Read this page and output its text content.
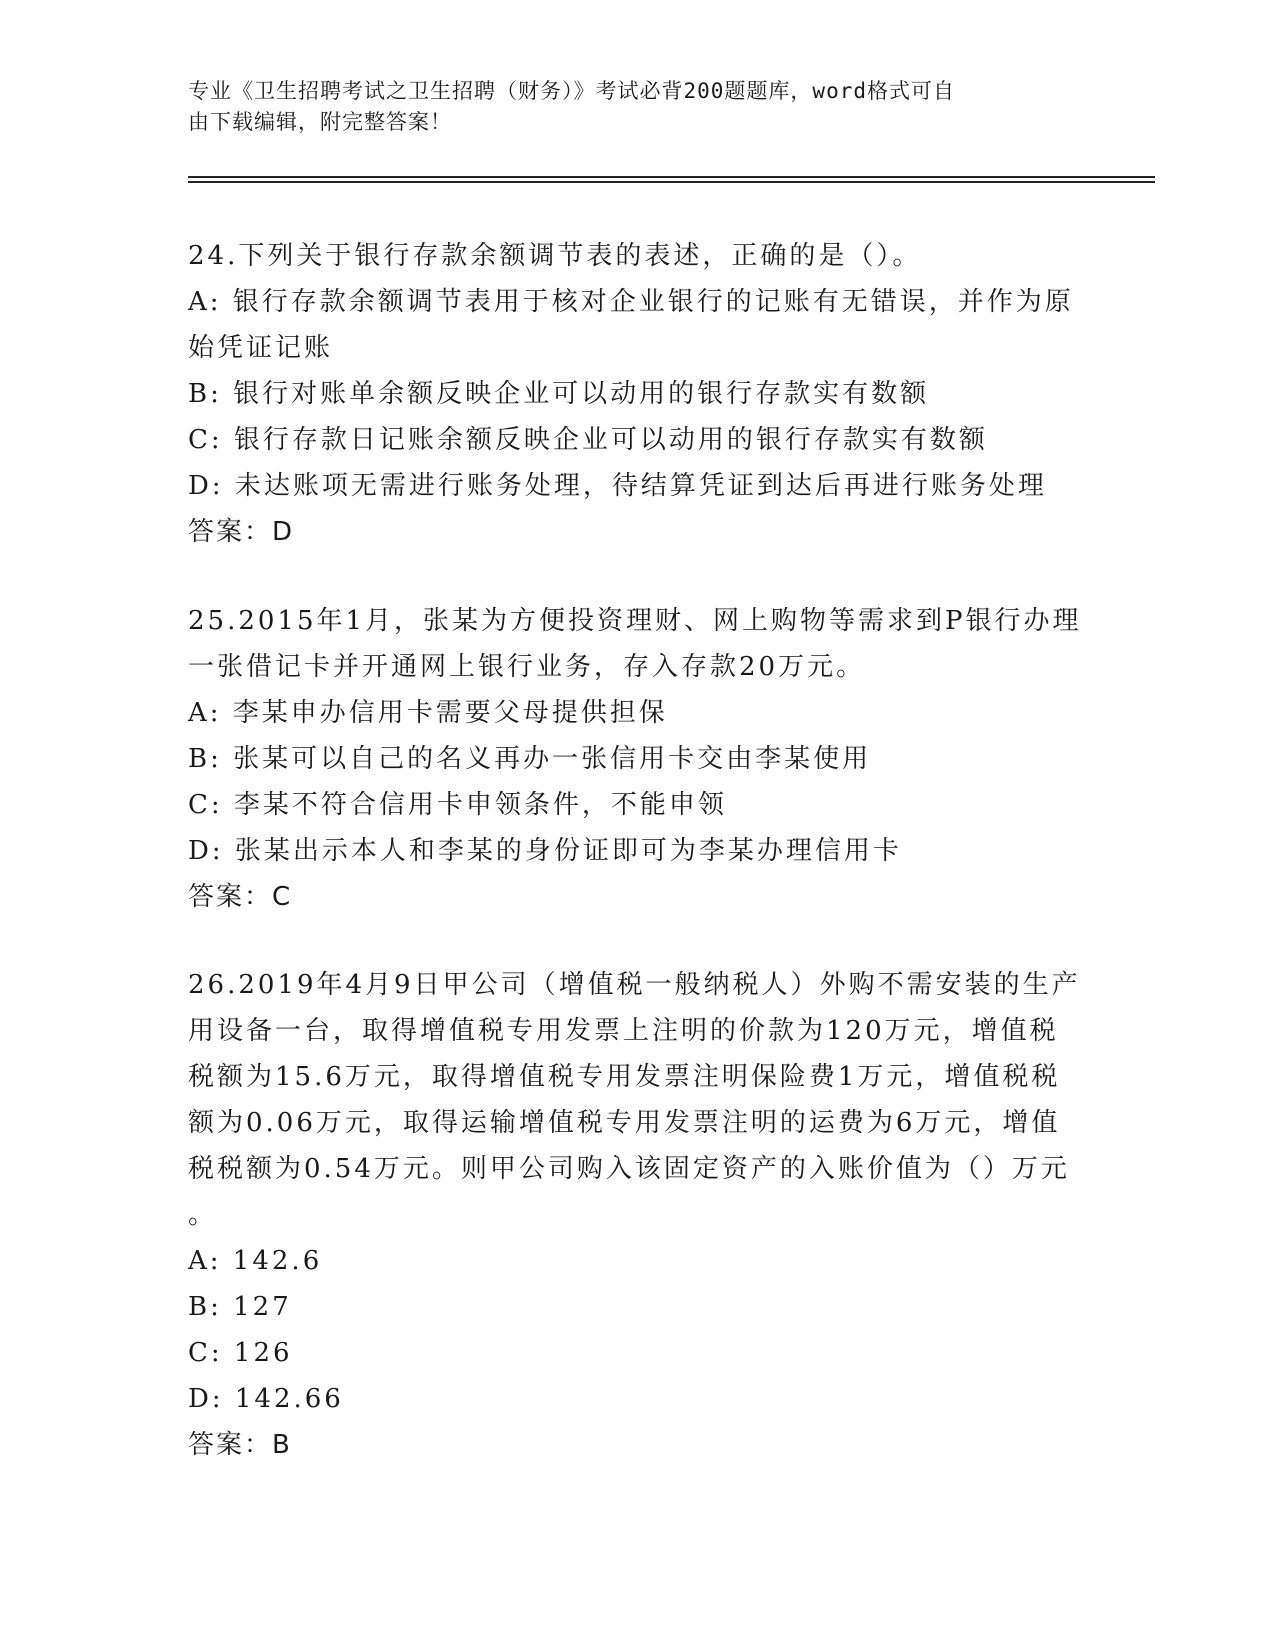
专业《卫生招聘考试之卫生招聘（财务）》考试必背200题题库，word格式可自
由下载编辑，附完整答案！
24.下列关于银行存款余额调节表的表述，正确的是（）。
A: 银行存款余额调节表用于核对企业银行的记账有无错误，并作为原
始凭证记账
B: 银行对账单余额反映企业可以动用的银行存款实有数额
C: 银行存款日记账余额反映企业可以动用的银行存款实有数额
D: 未达账项无需进行账务处理，待结算凭证到达后再进行账务处理
答案：D
25.2015年1月，张某为方便投资理财、网上购物等需求到P银行办理
一张借记卡并开通网上银行业务，存入存款20万元。
A: 李某申办信用卡需要父母提供担保
B: 张某可以自己的名义再办一张信用卡交由李某使用
C: 李某不符合信用卡申领条件，不能申领
D: 张某出示本人和李某的身份证即可为李某办理信用卡
答案：C
26.2019年4月9日甲公司（增值税一般纳税人）外购不需安装的生产
用设备一台，取得增值税专用发票上注明的价款为120万元，增值税
税额为15.6万元，取得增值税专用发票注明保险费1万元，增值税税
额为0.06万元，取得运输增值税专用发票注明的运费为6万元，增值
税税额为0.54万元。则甲公司购入该固定资产的入账价值为（）万元
。
A: 142.6
B: 127
C: 126
D: 142.66
答案：B
